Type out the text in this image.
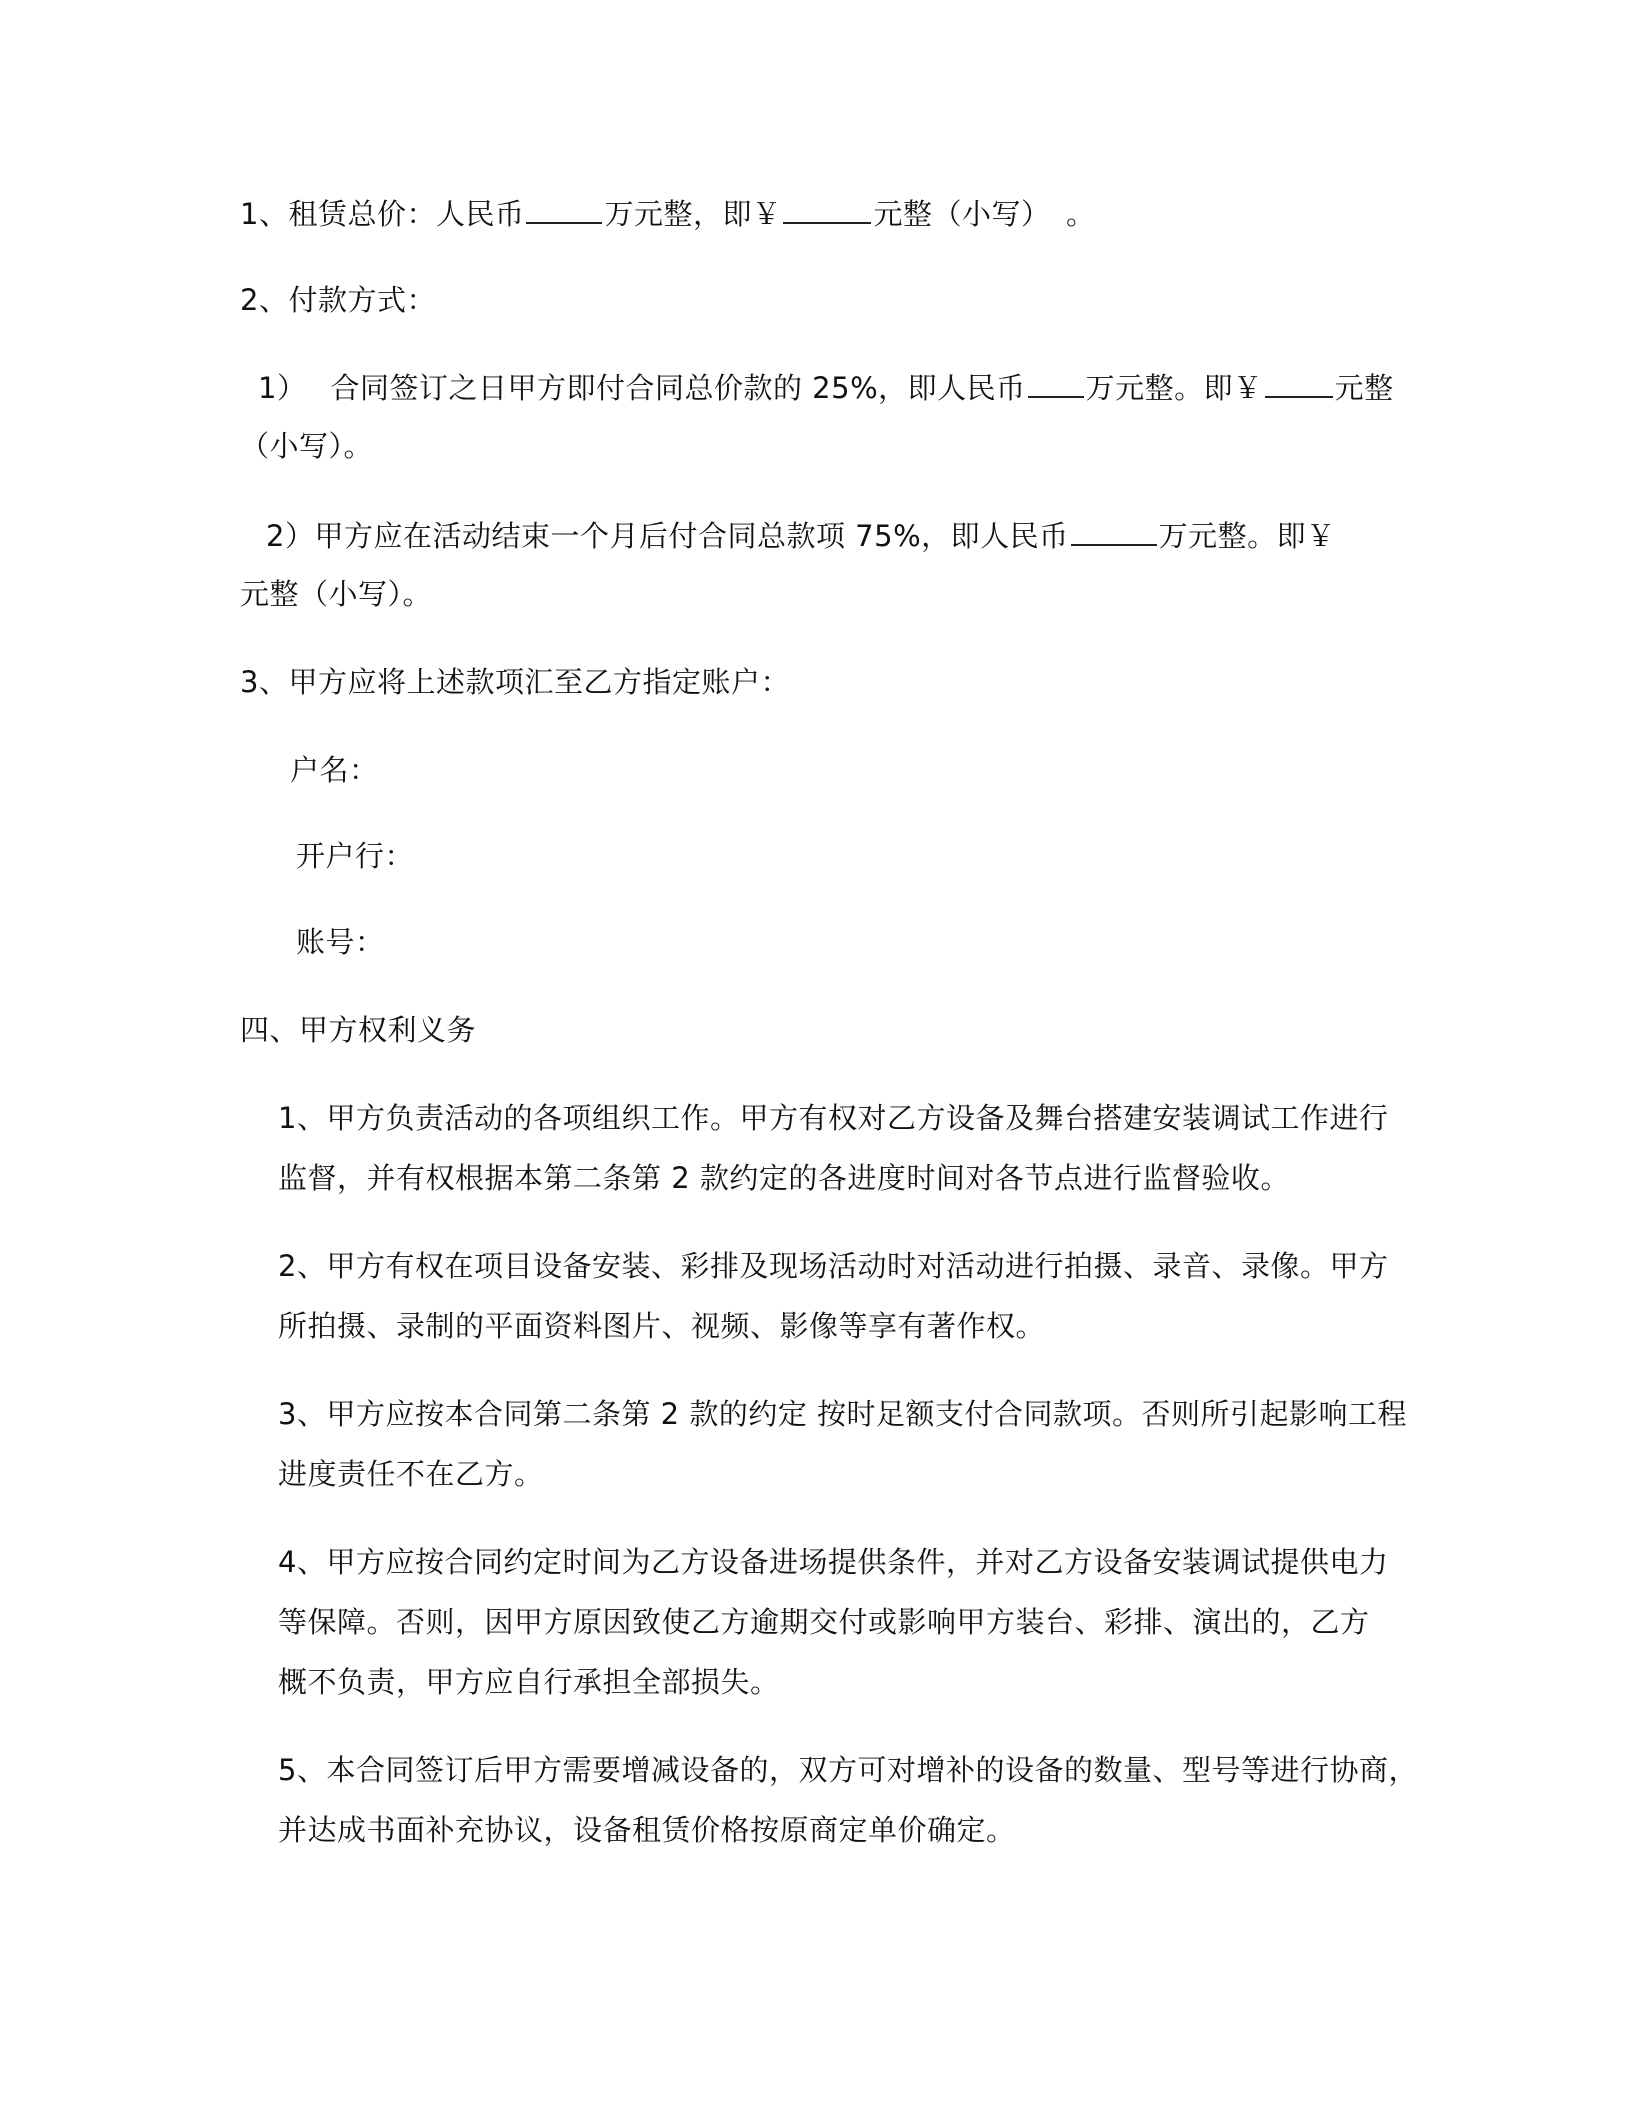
1、租赁总价：人民币	万元整，即￥	元整（小写） 。
2、付款方式：
1） 合同签订之日甲方即付合同总价款的 25%，即人民币 万元整。即￥ 元整
（小写）。
2）甲方应在活动结束一个月后付合同总款项 75%，即人民币	万元整。即￥
元整（小写）。
3、甲方应将上述款项汇至乙方指定账户：
户名：
开户行：
账号：
四、甲方权利义务
1、甲方负责活动的各项组织工作。甲方有权对乙方设备及舞台搭建安装调试工作进行
监督，并有权根据本第二条第 2 款约定的各进度时间对各节点进行监督验收。
2、甲方有权在项目设备安装、彩排及现场活动时对活动进行拍摄、录音、录像。甲方
所拍摄、录制的平面资料图片、视频、影像等享有著作权。
3、甲方应按本合同第二条第 2 款的约定 按时足额支付合同款项。否则所引起影响工程
进度责任不在乙方。
4、甲方应按合同约定时间为乙方设备进场提供条件，并对乙方设备安装调试提供电力
等保障。否则，因甲方原因致使乙方逾期交付或影响甲方装台、彩排、演出的，乙方
概不负责，甲方应自行承担全部损失。
5、本合同签订后甲方需要增减设备的，双方可对增补的设备的数量、型号等进行协商，
并达成书面补充协议，设备租赁价格按原商定单价确定。
